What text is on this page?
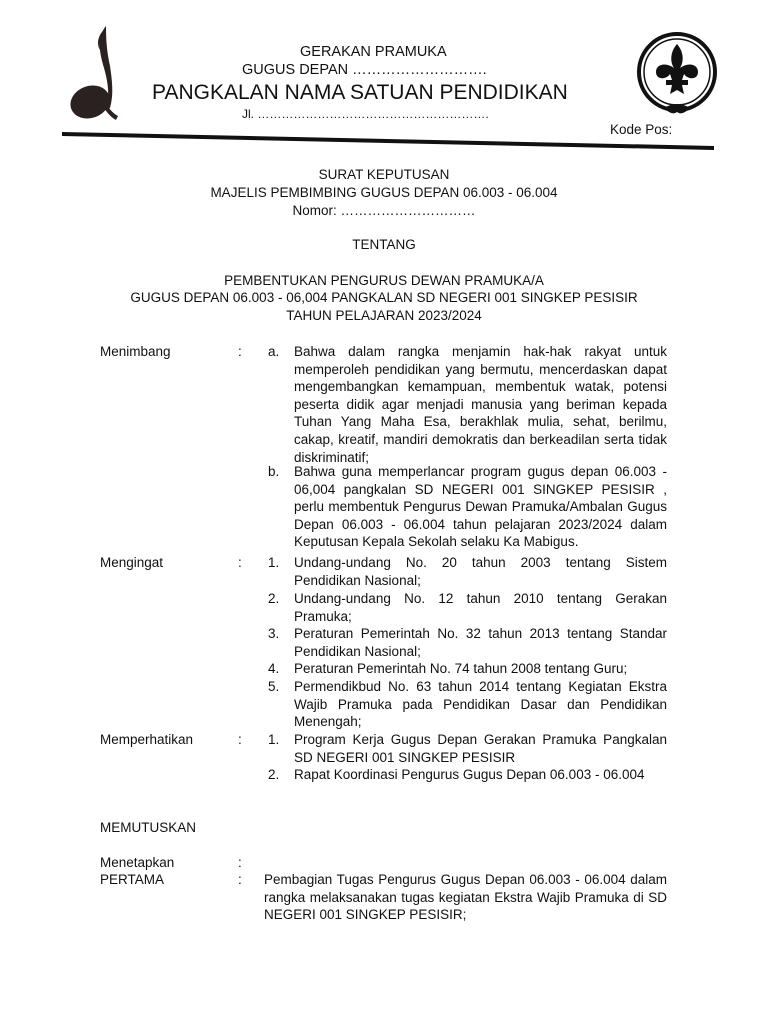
GERAKAN PRAMUKA
GUGUS DEPAN ……………………….
PANGKALAN NAMA SATUAN PENDIDIKAN
Jl. ………………………………………………….
Kode Pos:
SURAT KEPUTUSAN
MAJELIS PEMBIMBING GUGUS DEPAN 06.003 - 06.004
Nomor: …………………………
TENTANG
PEMBENTUKAN PENGURUS DEWAN PRAMUKA/A
GUGUS DEPAN 06.003 - 06,004 PANGKALAN SD NEGERI 001 SINGKEP PESISIR
TAHUN PELAJARAN 2023/2024
Menimbang	: a.	Bahwa dalam rangka menjamin hak-hak rakyat untuk memperoleh pendidikan yang bermutu, mencerdaskan dapat mengembangkan kemampuan, membentuk watak, potensi peserta didik agar menjadi manusia yang beriman kepada Tuhan Yang Maha Esa, berakhlak mulia, sehat, berilmu, cakap, kreatif, mandiri demokratis dan berkeadilan serta tidak diskriminatif;
b.	Bahwa guna memperlancar program gugus depan 06.003 - 06,004 pangkalan SD NEGERI 001 SINGKEP PESISIR , perlu membentuk Pengurus Dewan Pramuka/Ambalan Gugus Depan 06.003 - 06.004 tahun pelajaran 2023/2024 dalam Keputusan Kepala Sekolah selaku Ka Mabigus.
Mengingat	: 1.	Undang-undang No. 20 tahun 2003 tentang Sistem Pendidikan Nasional;
2.	Undang-undang No. 12 tahun 2010 tentang Gerakan Pramuka;
3.	Peraturan Pemerintah No. 32 tahun 2013 tentang Standar Pendidikan Nasional;
4.	Peraturan Pemerintah No. 74 tahun 2008 tentang Guru;
5.	Permendikbud No. 63 tahun 2014 tentang Kegiatan Ekstra Wajib Pramuka pada Pendidikan Dasar dan Pendidikan Menengah;
Memperhatikan	: 1.	Program Kerja Gugus Depan Gerakan Pramuka Pangkalan SD NEGERI 001 SINGKEP PESISIR
2.	Rapat Koordinasi Pengurus Gugus Depan 06.003 - 06.004
MEMUTUSKAN
Menetapkan	:
PERTAMA	: Pembagian Tugas Pengurus Gugus Depan 06.003 - 06.004 dalam rangka melaksanakan tugas kegiatan Ekstra Wajib Pramuka di SD NEGERI 001 SINGKEP PESISIR;
